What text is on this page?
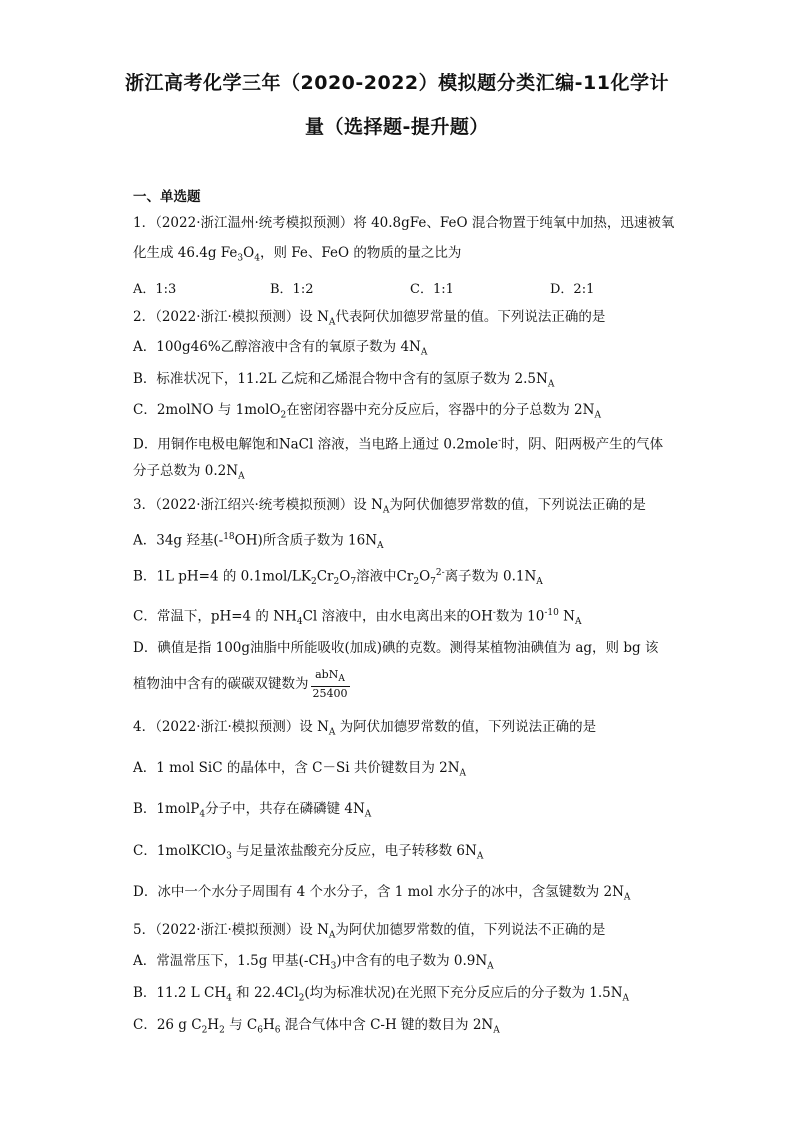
浙江高考化学三年（2020-2022）模拟题分类汇编-11化学计
量（选择题-提升题）
一、单选题
1．（2022·浙江温州·统考模拟预测）将 40.8gFe、FeO 混合物置于纯氧中加热，迅速被氧
化生成 46.4g $Fe_3O_4$，则 Fe、FeO 的物质的量之比为
A．1:3	B．1:2	C．1:1	D．2:1
2．（2022·浙江·模拟预测）设 $N_A$代表阿伏加德罗常量的值。下列说法正确的是
A．100g46%乙醇溶液中含有的氧原子数为 $4N_A$
B．标准状况下，11.2L 乙烷和乙烯混合物中含有的氢原子数为 $2.5N_A$
C．2molNO 与 1molO$_2$在密闭容器中充分反应后，容器中的分子总数为 $2N_A$
D．用铜作电极电解饱和NaCl 溶液，当电路上通过 0.2mole-时，阴、阳两极产生的气体
分子总数为 $0.2N_A$
3．（2022·浙江绍兴·统考模拟预测）设 $N_A$为阿伏伽德罗常数的值，下列说法正确的是
A．34g 羟基(-$^{18}$OH)所含质子数为 $16N_A$
B．1L pH=4 的 $0.1mol/LK_2Cr_2O_7$溶液中$Cr_2O_7^{2-}$离子数为 $0.1N_A$
C．常温下，pH=4 的 $NH_4Cl$ 溶液中，由水电离出来的OH-数为 $10^{-10}$ $N_A$
D．碘值是指 100g油脂中所能吸收(加成)碘的克数。测得某植物油碘值为 ag，则 bg 该
植物油中含有的碳碳双键数为 $\frac{abN_A}{25400}$
4．（2022·浙江·模拟预测）设 $N_A$ 为阿伏加德罗常数的值，下列说法正确的是
A．1 mol SiC 的晶体中，含 C－Si 共价键数目为 $2N_A$
B．1molP$_4$分子中，共存在磷磷键 $4N_A$
C．1molKClO$_3$ 与足量浓盐酸充分反应，电子转移数 $6N_A$
D．冰中一个水分子周围有 4 个水分子，含 1 mol 水分子的冰中，含氢键数为 $2N_A$
5．（2022·浙江·模拟预测）设 $N_A$为阿伏加德罗常数的值，下列说法不正确的是
A．常温常压下，1.5g 甲基$(-CH_3)$中含有的电子数为 $0.9N_A$
B．11.2 L $CH_4$ 和 $22.4Cl_2$(均为标准状况)在光照下充分反应后的分子数为 $1.5N_A$
C．26 g $C_2H_2$ 与 $C_6H_6$ 混合气体中含 C-H 键的数目为 $2N_A$
